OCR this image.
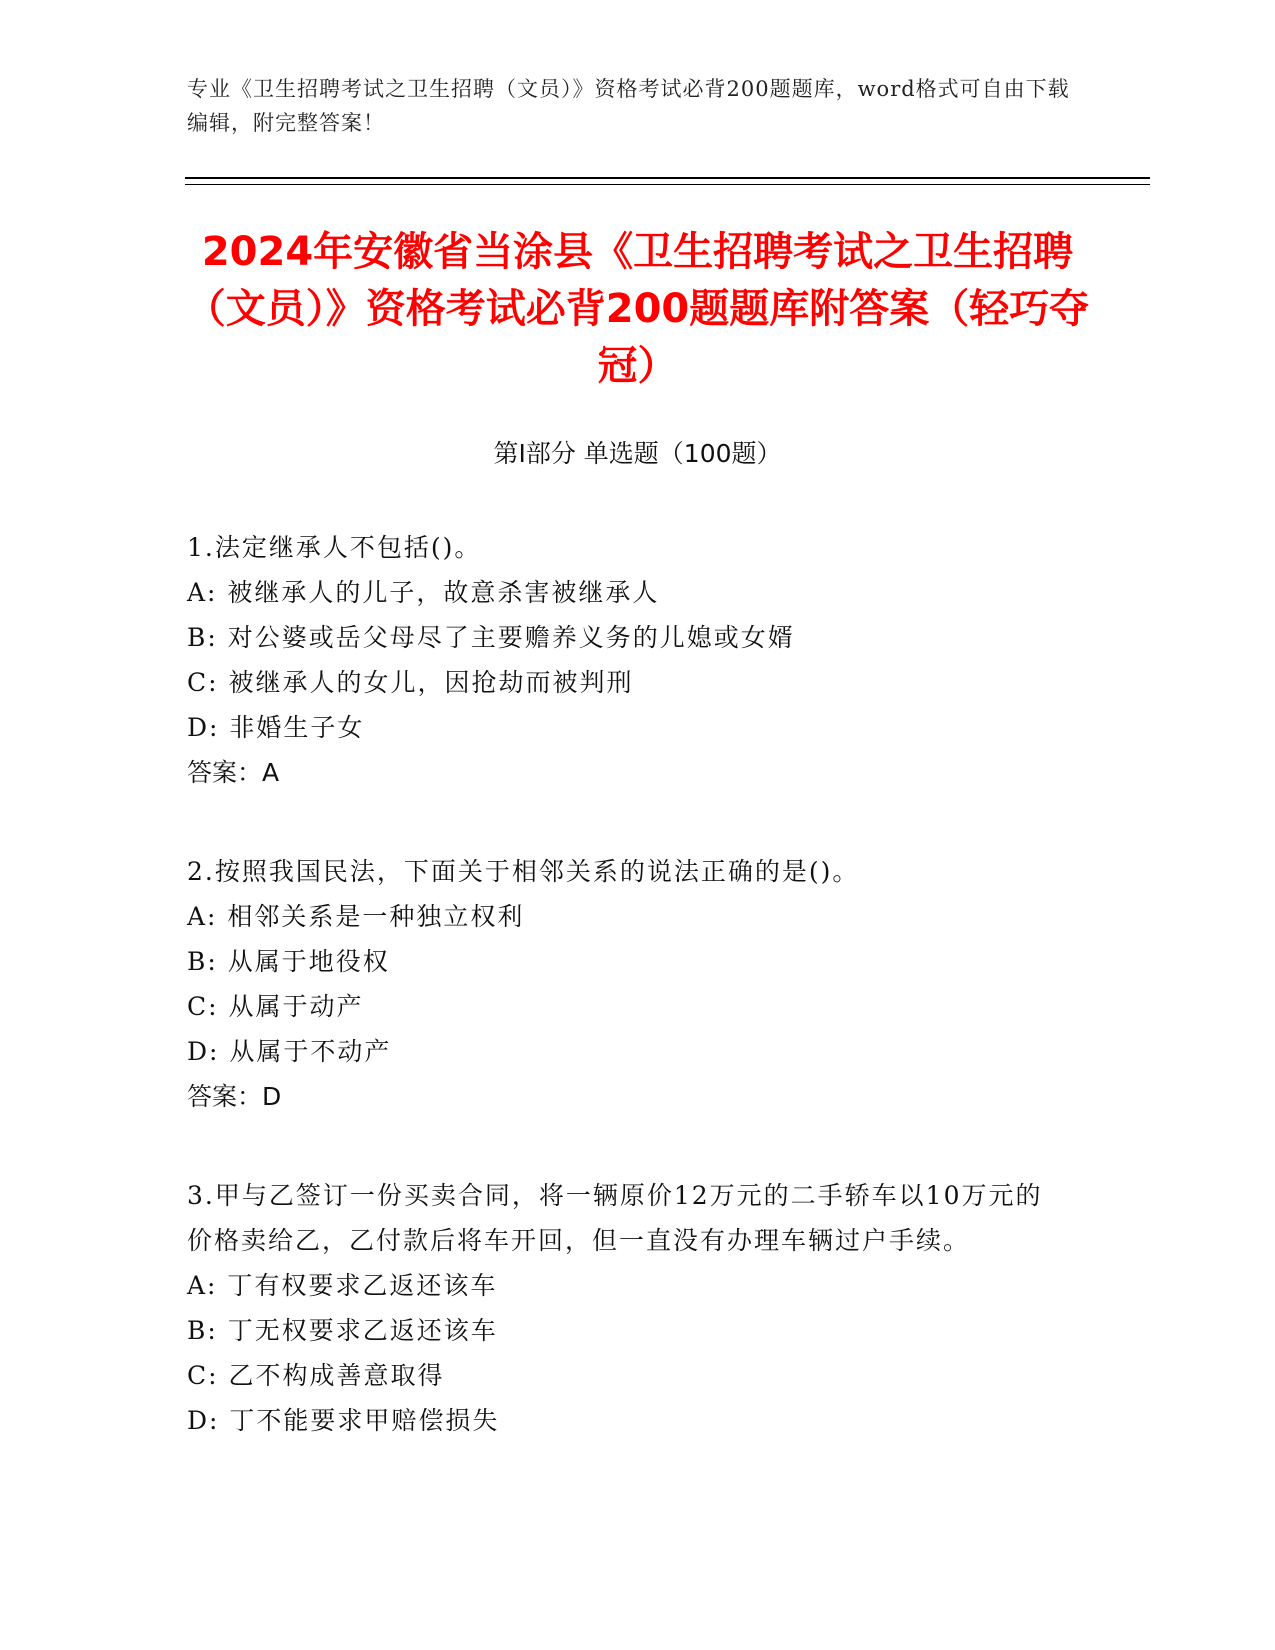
专业《卫生招聘考试之卫生招聘（文员）》资格考试必背200题题库，word格式可自由下载编辑，附完整答案！
2024年安徽省当涂县《卫生招聘考试之卫生招聘（文员）》资格考试必背200题题库附答案（轻巧夺冠）
第Ⅰ部分 单选题（100题）
1.法定继承人不包括()。
A: 被继承人的儿子，故意杀害被继承人
B: 对公婆或岳父母尽了主要赡养义务的儿媳或女婿
C: 被继承人的女儿，因抢劫而被判刑
D: 非婚生子女
答案：A
2.按照我国民法，下面关于相邻关系的说法正确的是()。
A: 相邻关系是一种独立权利
B: 从属于地役权
C: 从属于动产
D: 从属于不动产
答案：D
3.甲与乙签订一份买卖合同，将一辆原价12万元的二手轿车以10万元的价格卖给乙，乙付款后将车开回，但一直没有办理车辆过户手续。
A: 丁有权要求乙返还该车
B: 丁无权要求乙返还该车
C: 乙不构成善意取得
D: 丁不能要求甲赔偿损失
